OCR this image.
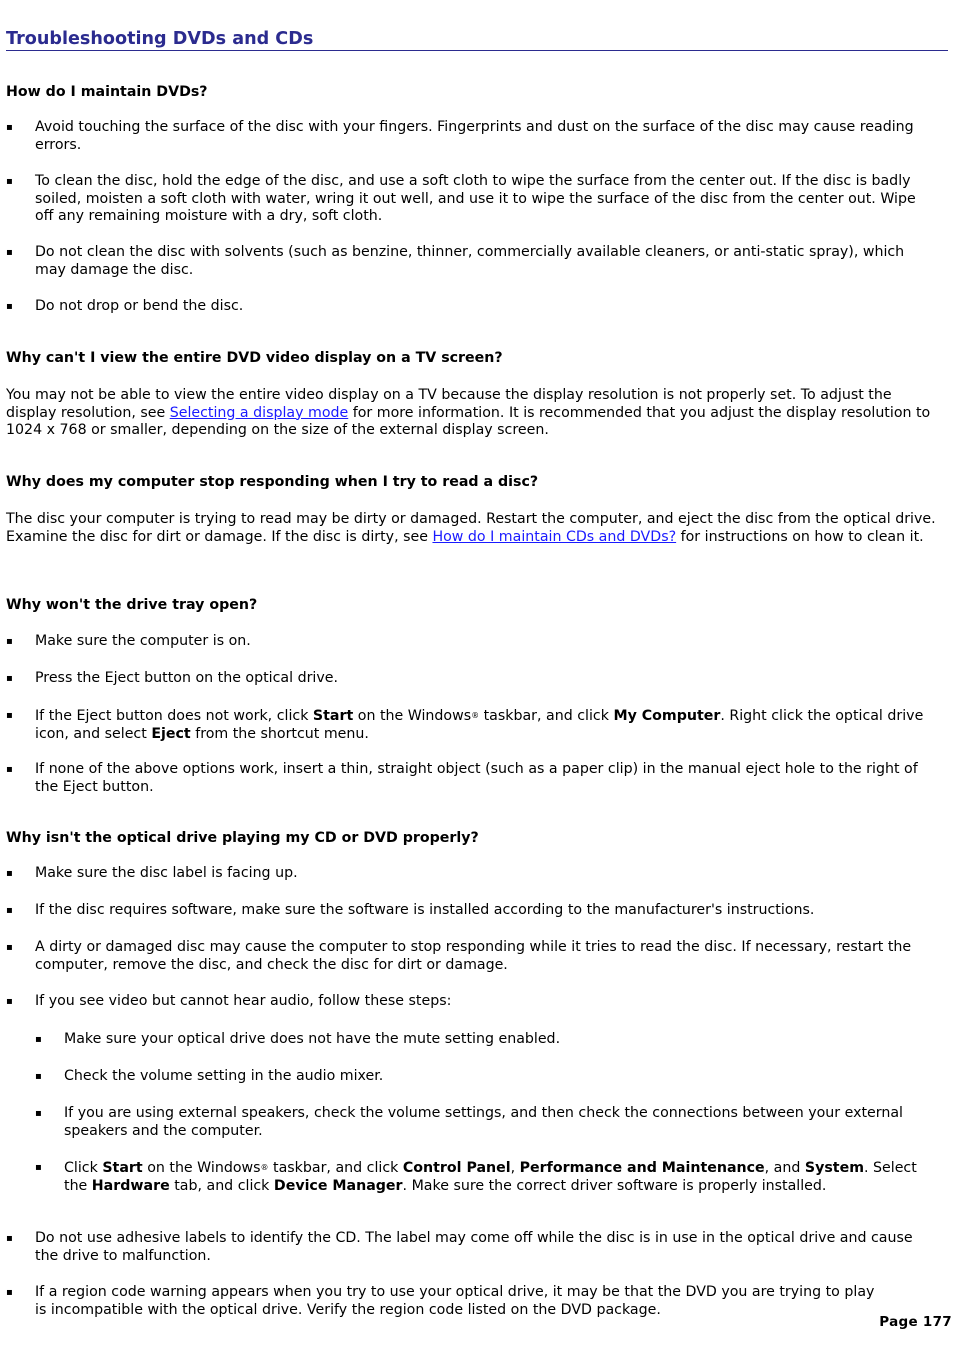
Troubleshooting DVDs and CDs
How do I maintain DVDs?
▪ Avoid touching the surface of the disc with your fingers. Fingerprints and dust on the surface of the disc may cause reading errors.
▪ To clean the disc, hold the edge of the disc, and use a soft cloth to wipe the surface from the center out. If the disc is badly soiled, moisten a soft cloth with water, wring it out well, and use it to wipe the surface of the disc from the center out. Wipe off any remaining moisture with a dry, soft cloth.
▪ Do not clean the disc with solvents (such as benzine, thinner, commercially available cleaners, or anti-static spray), which may damage the disc.
▪ Do not drop or bend the disc.
Why can't I view the entire DVD video display on a TV screen?
You may not be able to view the entire video display on a TV because the display resolution is not properly set. To adjust the display resolution, see Selecting a display mode for more information. It is recommended that you adjust the display resolution to 1024 x 768 or smaller, depending on the size of the external display screen.
Why does my computer stop responding when I try to read a disc?
The disc your computer is trying to read may be dirty or damaged. Restart the computer, and eject the disc from the optical drive. Examine the disc for dirt or damage. If the disc is dirty, see How do I maintain CDs and DVDs? for instructions on how to clean it.
Why won't the drive tray open?
▪ Make sure the computer is on.
▪ Press the Eject button on the optical drive.
▪ If the Eject button does not work, click Start on the Windows® taskbar, and click My Computer. Right click the optical drive icon, and select Eject from the shortcut menu.
▪ If none of the above options work, insert a thin, straight object (such as a paper clip) in the manual eject hole to the right of the Eject button.
Why isn't the optical drive playing my CD or DVD properly?
▪ Make sure the disc label is facing up.
▪ If the disc requires software, make sure the software is installed according to the manufacturer's instructions.
▪ A dirty or damaged disc may cause the computer to stop responding while it tries to read the disc. If necessary, restart the computer, remove the disc, and check the disc for dirt or damage.
▪ If you see video but cannot hear audio, follow these steps:
▪ Make sure your optical drive does not have the mute setting enabled.
▪ Check the volume setting in the audio mixer.
▪ If you are using external speakers, check the volume settings, and then check the connections between your external speakers and the computer.
▪ Click Start on the Windows® taskbar, and click Control Panel, Performance and Maintenance, and System. Select the Hardware tab, and click Device Manager. Make sure the correct driver software is properly installed.
▪ Do not use adhesive labels to identify the CD. The label may come off while the disc is in use in the optical drive and cause the drive to malfunction.
▪ If a region code warning appears when you try to use your optical drive, it may be that the DVD you are trying to play is incompatible with the optical drive. Verify the region code listed on the DVD package.
Page 177
